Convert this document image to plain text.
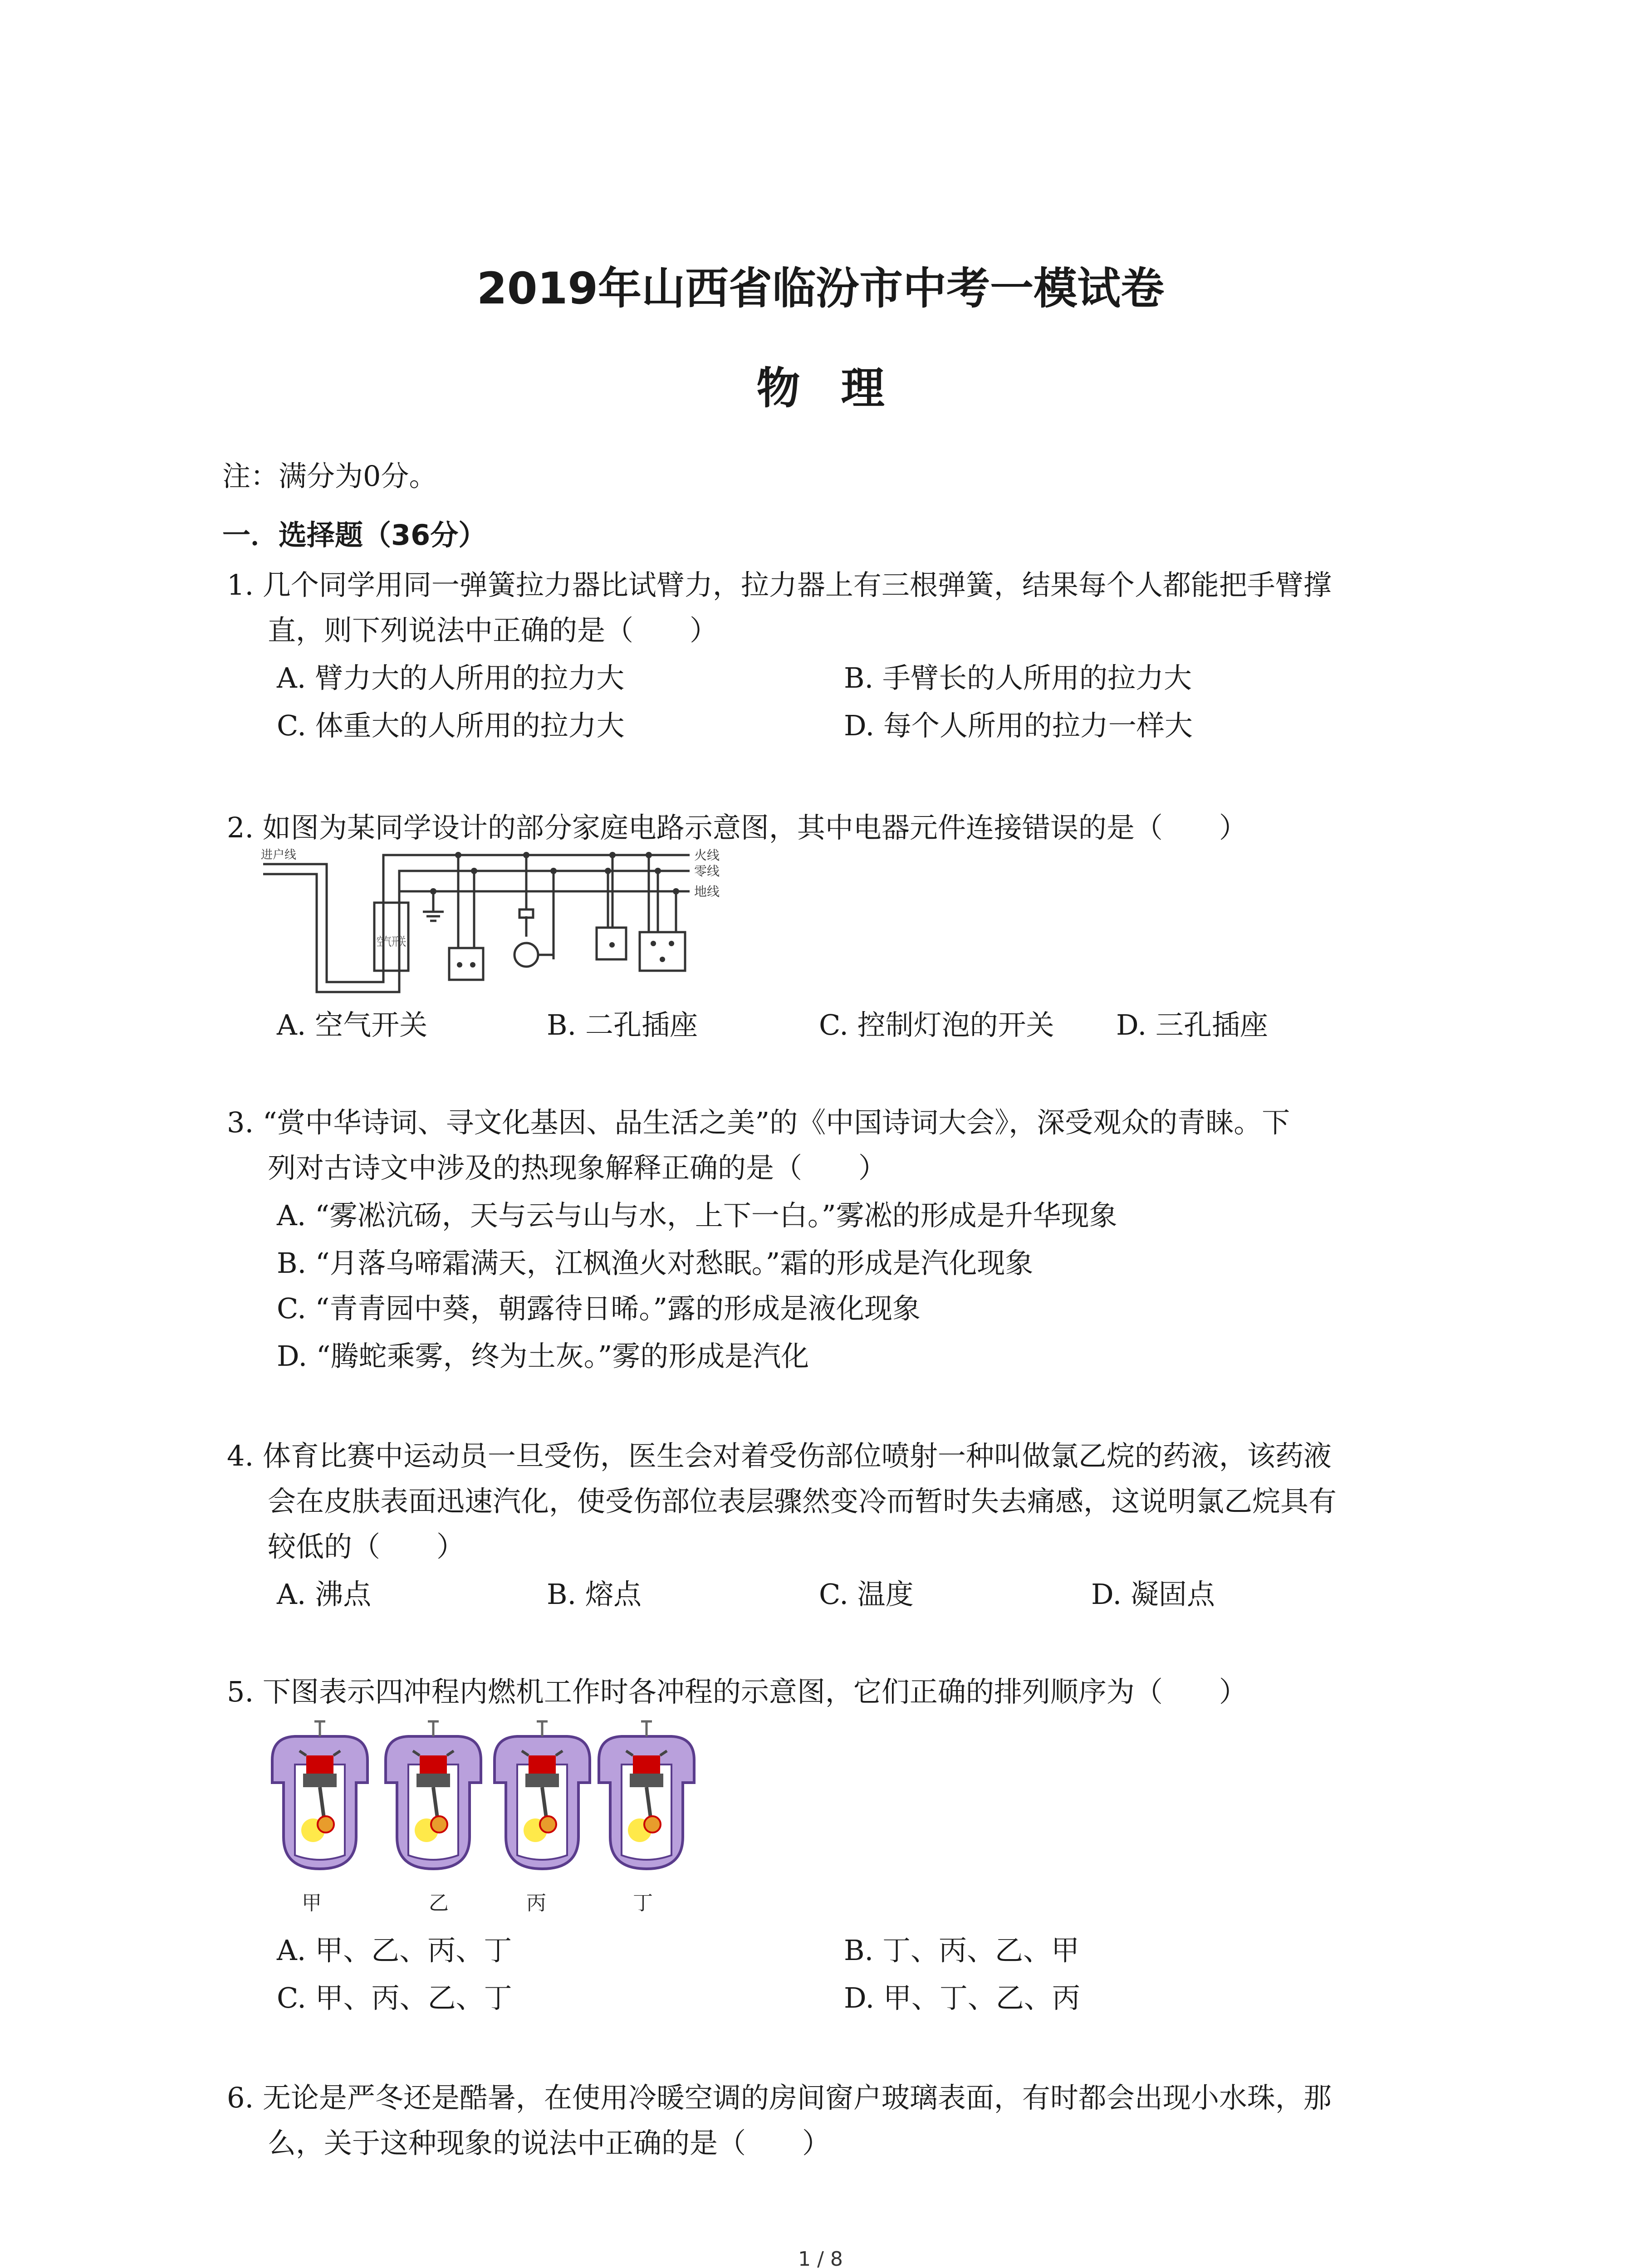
2019年山西省临汾市中考一模试卷
物理
注：满分为0分。
一．选择题（36分）
1. 几个同学用同一弹簧拉力器比试臂力，拉力器上有三根弹簧，结果每个人都能把手臂撑
直，则下列说法中正确的是（　　）
A. 臂力大的人所用的拉力大	B. 手臂长的人所用的拉力大
C. 体重大的人所用的拉力大	D. 每个人所用的拉力一样大
2. 如图为某同学设计的部分家庭电路示意图，其中电器元件连接错误的是（　　）
进户线	火线
零线
地线
空气开关
A. 空气开关	B. 二孔插座	C. 控制灯泡的开关 D. 三孔插座
3. “赏中华诗词、寻文化基因、品生活之美”的《中国诗词大会》，深受观众的青睐。下
列对古诗文中涉及的热现象解释正确的是（　　）
A. “雾凇沆砀，天与云与山与水，上下一白。”雾凇的形成是升华现象
B. “月落乌啼霜满天，江枫渔火对愁眠。”霜的形成是汽化现象
C. “青青园中葵，朝露待日晞。”露的形成是液化现象
D. “腾蛇乘雾，终为土灰。”雾的形成是汽化
4. 体育比赛中运动员一旦受伤，医生会对着受伤部位喷射一种叫做氯乙烷的药液，该药液
会在皮肤表面迅速汽化，使受伤部位表层骤然变冷而暂时失去痛感，这说明氯乙烷具有
较低的（　　）
A. 沸点	B. 熔点	C. 温度	D. 凝固点
5. 下图表示四冲程内燃机工作时各冲程的示意图，它们正确的排列顺序为（　　）
甲	乙	丙	丁
A. 甲、乙、丙、丁	B. 丁、丙、乙、甲
C. 甲、丙、乙、丁	D. 甲、丁、乙、丙
6. 无论是严冬还是酷暑，在使用冷暖空调的房间窗户玻璃表面，有时都会出现小水珠，那
么，关于这种现象的说法中正确的是（　　）
1 / 8
